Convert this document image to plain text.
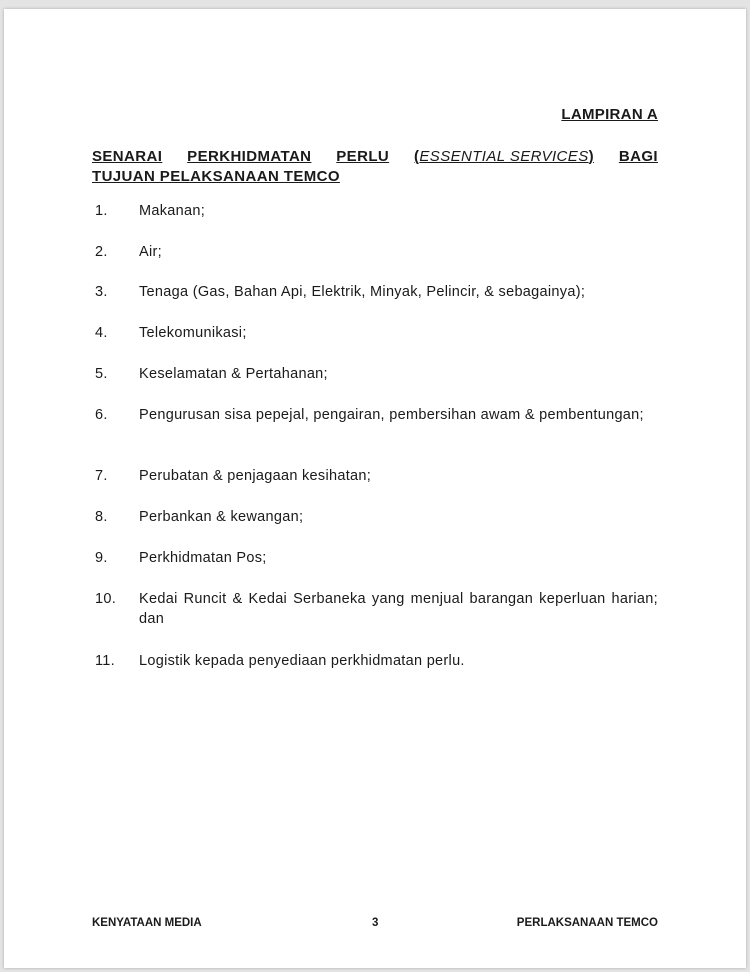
LAMPIRAN A
SENARAI PERKHIDMATAN PERLU (ESSENTIAL SERVICES) BAGI
TUJUAN PELAKSANAAN TEMCO
1. Makanan;
2. Air;
3. Tenaga (Gas, Bahan Api, Elektrik, Minyak, Pelincir, & sebagainya);
4. Telekomunikasi;
5. Keselamatan & Pertahanan;
6. Pengurusan sisa pepejal, pengairan, pembersihan awam & pembentungan;
7. Perubatan & penjagaan kesihatan;
8. Perbankan & kewangan;
9. Perkhidmatan Pos;
10. Kedai Runcit & Kedai Serbaneka yang menjual barangan keperluan harian; dan
11. Logistik kepada penyediaan perkhidmatan perlu.
KENYATAAN MEDIA	3	PERLAKSANAAN TEMCO
